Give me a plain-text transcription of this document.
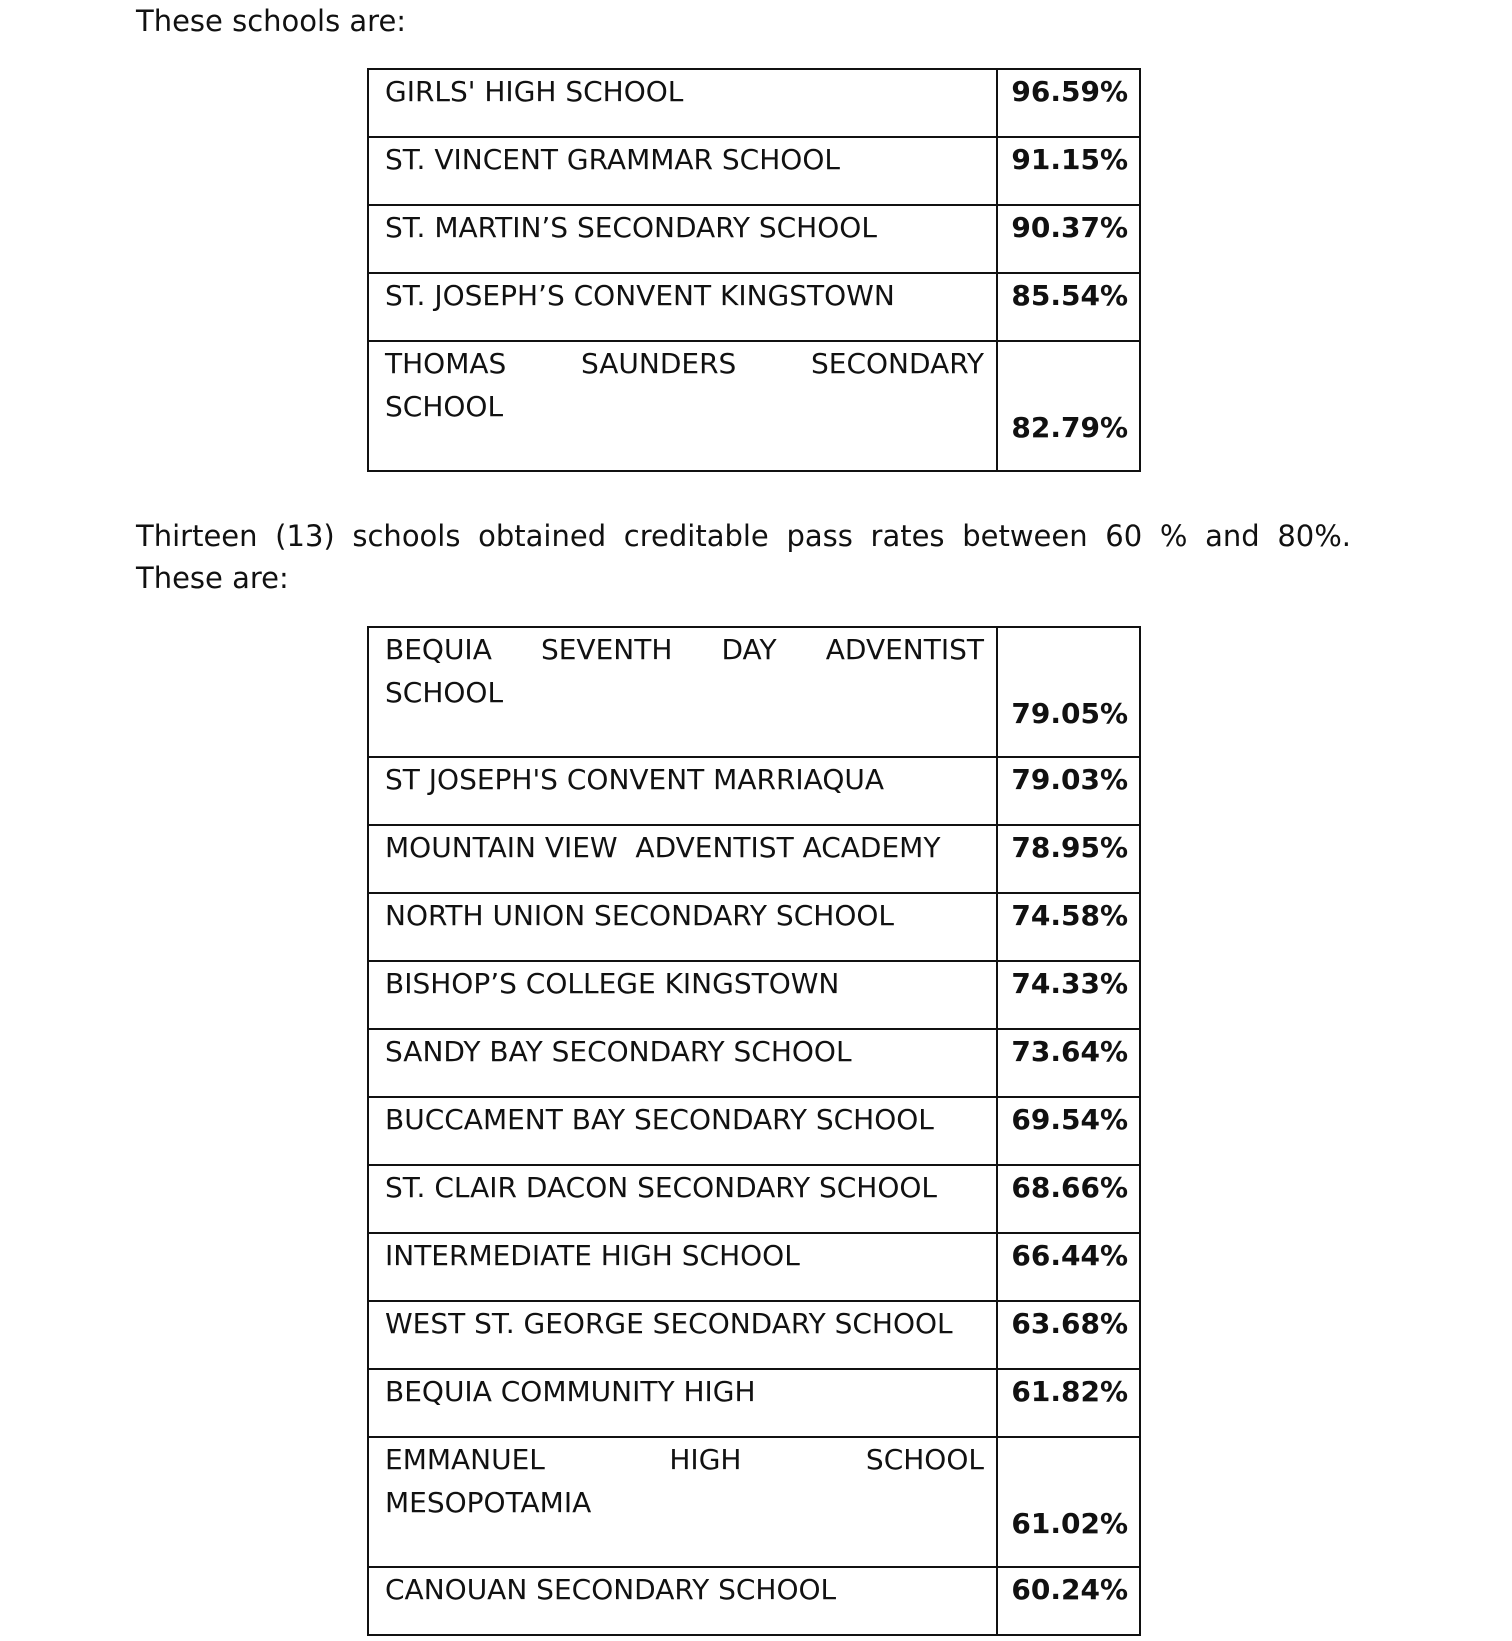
These schools are:

GIRLS' HIGH SCHOOL	96.59%
ST. VINCENT GRAMMAR SCHOOL	91.15%
ST. MARTIN’S SECONDARY SCHOOL	90.37%
ST. JOSEPH’S CONVENT KINGSTOWN	85.54%

THOMAS SAUNDERS SECONDARY
SCHOOL	82.79%

Thirteen (13) schools obtained creditable pass rates between 60 % and 80%. These are:

BEQUIA SEVENTH DAY ADVENTIST
SCHOOL	79.05%
ST JOSEPH'S CONVENT MARRIAQUA	79.03%
MOUNTAIN VIEW  ADVENTIST ACADEMY	78.95%
NORTH UNION SECONDARY SCHOOL	74.58%
BISHOP’S COLLEGE KINGSTOWN	74.33%
SANDY BAY SECONDARY SCHOOL	73.64%
BUCCAMENT BAY SECONDARY SCHOOL	69.54%
ST. CLAIR DACON SECONDARY SCHOOL	68.66%
INTERMEDIATE HIGH SCHOOL	66.44%
WEST ST. GEORGE SECONDARY SCHOOL	63.68%
BEQUIA COMMUNITY HIGH	61.82%

EMMANUEL HIGH SCHOOL
MESOPOTAMIA	61.02%
CANOUAN SECONDARY SCHOOL	60.24%
